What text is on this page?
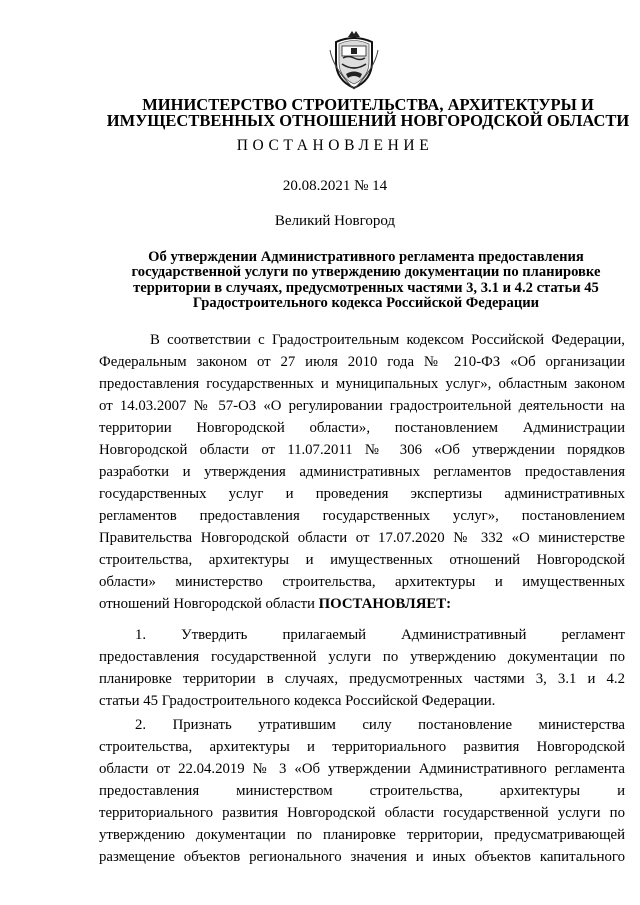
МИНИСТЕРСТВО СТРОИТЕЛЬСТВА, АРХИТЕКТУРЫ И
ИМУЩЕСТВЕННЫХ ОТНОШЕНИЙ НОВГОРОДСКОЙ ОБЛАСТИ
ПОСТАНОВЛЕНИЕ
20.08.2021 № 14
Великий Новгород
Об утверждении Административного регламента предоставления
государственной услуги по утверждению документации по планировке
территории в случаях, предусмотренных частями 3, 3.1 и 4.2 статьи 45
Градостроительного кодекса Российской Федерации
В соответствии с Градостроительным кодексом Российской Федерации,
Федеральным законом от 27 июля 2010 года № 210-ФЗ «Об организации
предоставления государственных и муниципальных услуг», областным законом
от 14.03.2007 № 57-ОЗ «О регулировании градостроительной деятельности на
территории Новгородской области», постановлением Администрации
Новгородской области от 11.07.2011 № 306 «Об утверждении порядков
разработки и утверждения административных регламентов предоставления
государственных услуг и проведения экспертизы административных
регламентов предоставления государственных услуг», постановлением
Правительства Новгородской области от 17.07.2020 № 332 «О министерстве
строительства, архитектуры и имущественных отношений Новгородской
области» министерство строительства, архитектуры и имущественных
отношений Новгородской области ПОСТАНОВЛЯЕТ:
1. Утвердить прилагаемый Административный регламент
предоставления государственной услуги по утверждению документации по
планировке территории в случаях, предусмотренных частями 3, 3.1 и 4.2
статьи 45 Градостроительного кодекса Российской Федерации.
2. Признать утратившим силу постановление министерства
строительства, архитектуры и территориального развития Новгородской
области от 22.04.2019 № 3 «Об утверждении Административного регламента
предоставления министерством строительства, архитектуры и
территориального развития Новгородской области государственной услуги по
утверждению документации по планировке территории, предусматривающей
размещение объектов регионального значения и иных объектов капитального
